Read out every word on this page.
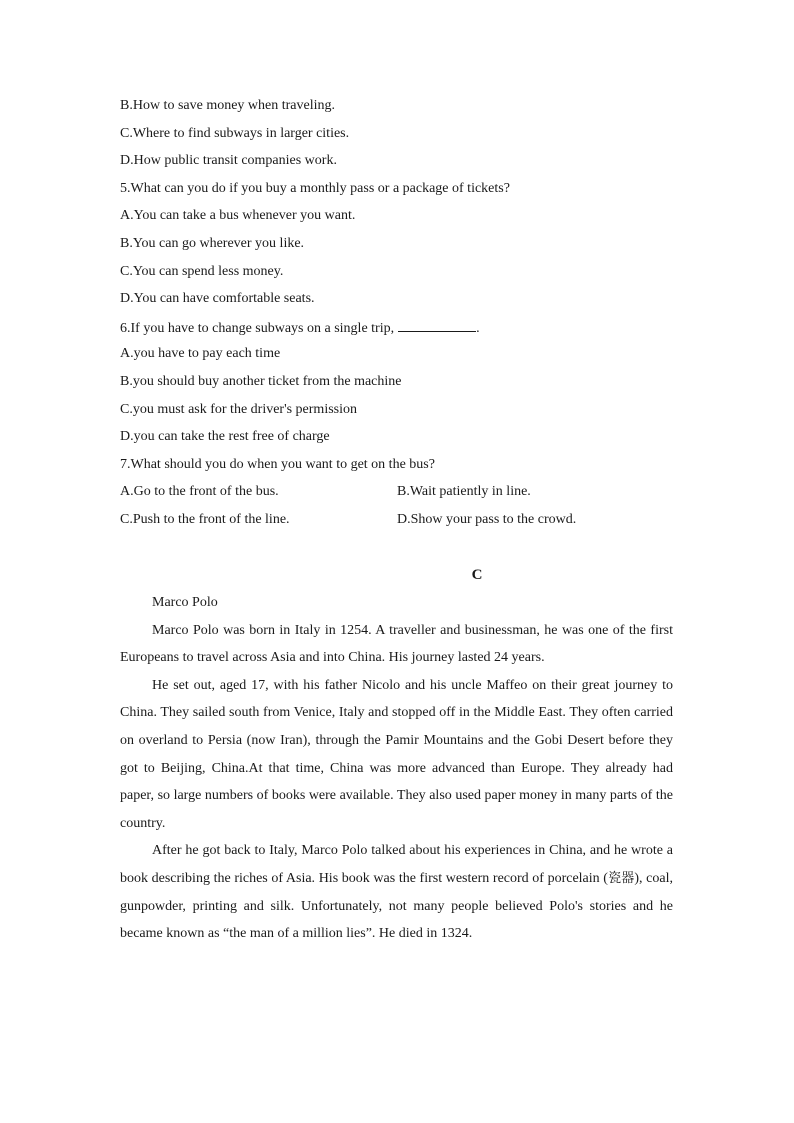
B.How to save money when traveling.
C.Where to find subways in larger cities.
D.How public transit companies work.
5.What can you do if you buy a monthly pass or a package of tickets?
A.You can take a bus whenever you want.
B.You can go wherever you like.
C.You can spend less money.
D.You can have comfortable seats.
6.If you have to change subways on a single trip,	.
A.you have to pay each time
B.you should buy another ticket from the machine
C.you must ask for the driver's permission
D.you can take the rest free of charge
7.What should you do when you want to get on the bus?
A.Go to the front of the bus.	B.Wait patiently in line.
C.Push to the front of the line.	D.Show your pass to the crowd.
C

Marco Polo

Marco Polo was born in Italy in 1254. A traveller and businessman, he was one of the first Europeans to travel across Asia and into China. His journey lasted 24 years.

He set out, aged 17, with his father Nicolo and his uncle Maffeo on their great journey to China. They sailed south from Venice, Italy and stopped off in the Middle East. They often carried on overland to Persia (now Iran), through the Pamir Mountains and the Gobi Desert before they got to Beijing, China.At that time, China was more advanced than Europe. They already had paper, so large numbers of books were available. They also used paper money in many parts of the country.

After he got back to Italy, Marco Polo talked about his experiences in China, and he wrote a book describing the riches of Asia. His book was the first western record of porcelain (瓷器), coal, gunpowder, printing and silk. Unfortunately, not many people believed Polo's stories and he became known as “the man of a million lies”. He died in 1324.
